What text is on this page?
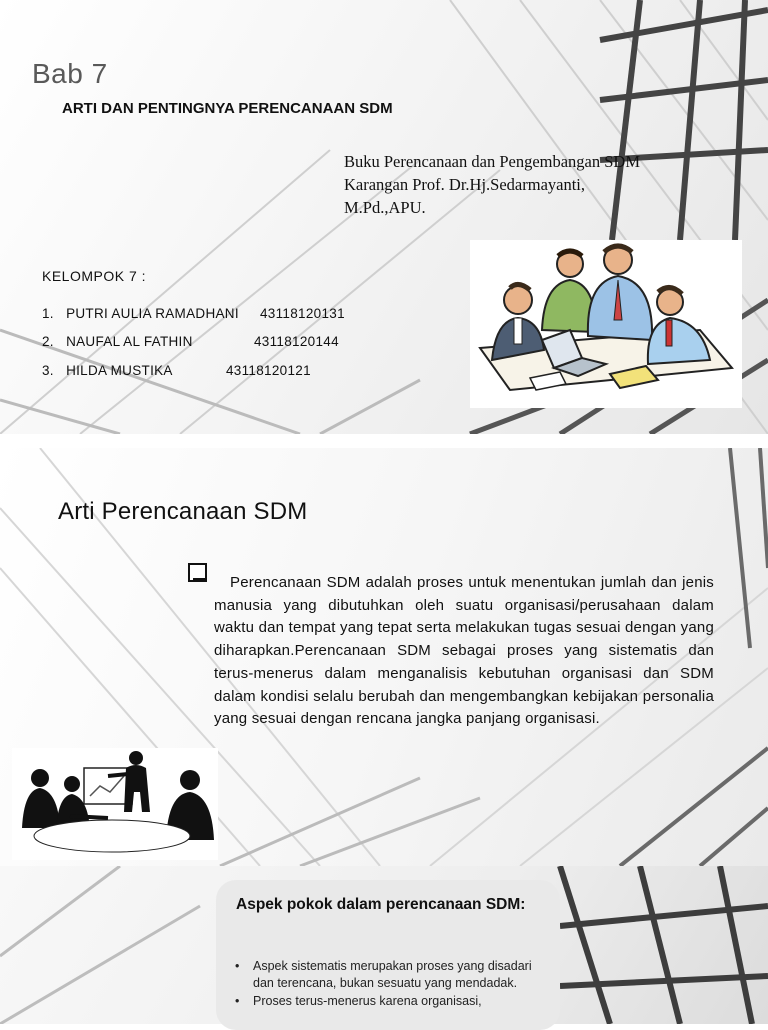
Bab 7
ARTI DAN PENTINGNYA PERENCANAAN SDM
Buku Perencanaan dan Pengembangan SDM
Karangan Prof. Dr.Hj.Sedarmayanti,
M.Pd.,APU.
KELOMPOK 7 :
1. PUTRI AULIA RAMADHANI 43118120131
2. NAUFAL AL FATHIN	43118120144
3. HILDA MUSTIKA	43118120121
Arti Perencanaan SDM
Perencanaan SDM adalah proses untuk menentukan jumlah dan jenis manusia yang dibutuhkan oleh suatu organisasi/perusahaan dalam waktu dan tempat yang tepat serta melakukan tugas sesuai dengan yang diharapkan.Perencanaan SDM sebagai proses yang sistematis dan terus-menerus dalam menganalisis kebutuhan organisasi dan SDM dalam kondisi selalu berubah dan mengembangkan kebijakan personalia yang sesuai dengan rencana jangka panjang organisasi.
Aspek pokok dalam perencanaan SDM:
• Aspek sistematis merupakan proses yang disadari dan terencana, bukan sesuatu yang mendadak.
• Proses terus-menerus karena organisasi,
